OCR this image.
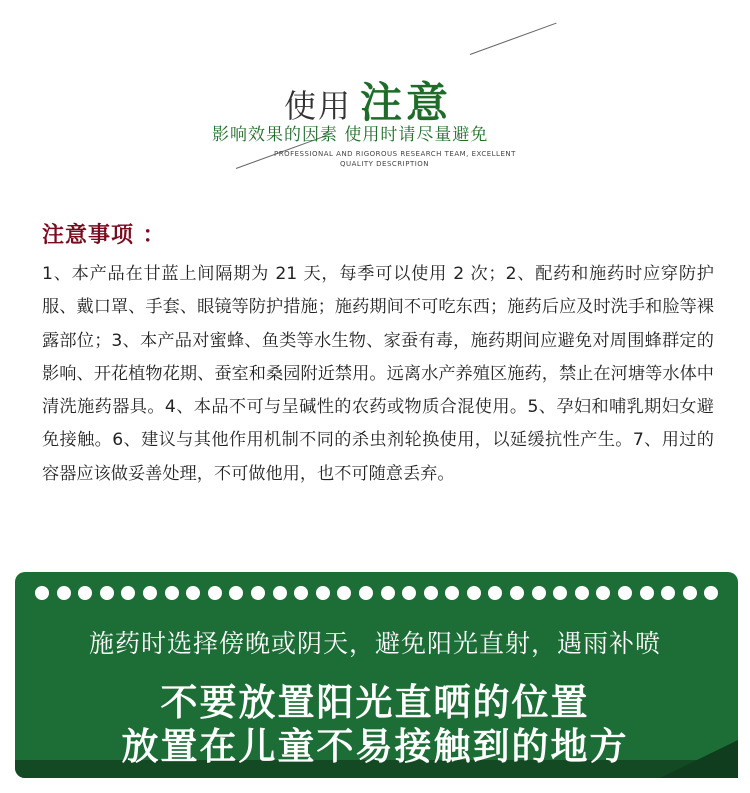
使用 注意
影响效果的因素 使用时请尽量避免
PROFESSIONAL AND RIGOROUS RESEARCH TEAM, EXCELLENT
QUALITY DESCRIPTION
注意事项 ：
1、本产品在甘蓝上间隔期为 21 天，每季可以使用 2 次；2、配药和施药时应穿防护服、戴口罩、手套、眼镜等防护措施；施药期间不可吃东西；施药后应及时洗手和脸等裸露部位；3、本产品对蜜蜂、鱼类等水生物、家蚕有毒，施药期间应避免对周围蜂群定的影响、开花植物花期、蚕室和桑园附近禁用。远离水产养殖区施药，禁止在河塘等水体中清洗施药器具。4、本品不可与呈碱性的农药或物质合混使用。5、孕妇和哺乳期妇女避免接触。6、建议与其他作用机制不同的杀虫剂轮换使用，以延缓抗性产生。7、用过的容器应该做妥善处理，不可做他用，也不可随意丢弃。
施药时选择傍晚或阴天，避免阳光直射，遇雨补喷
不要放置阳光直晒的位置
放置在儿童不易接触到的地方
